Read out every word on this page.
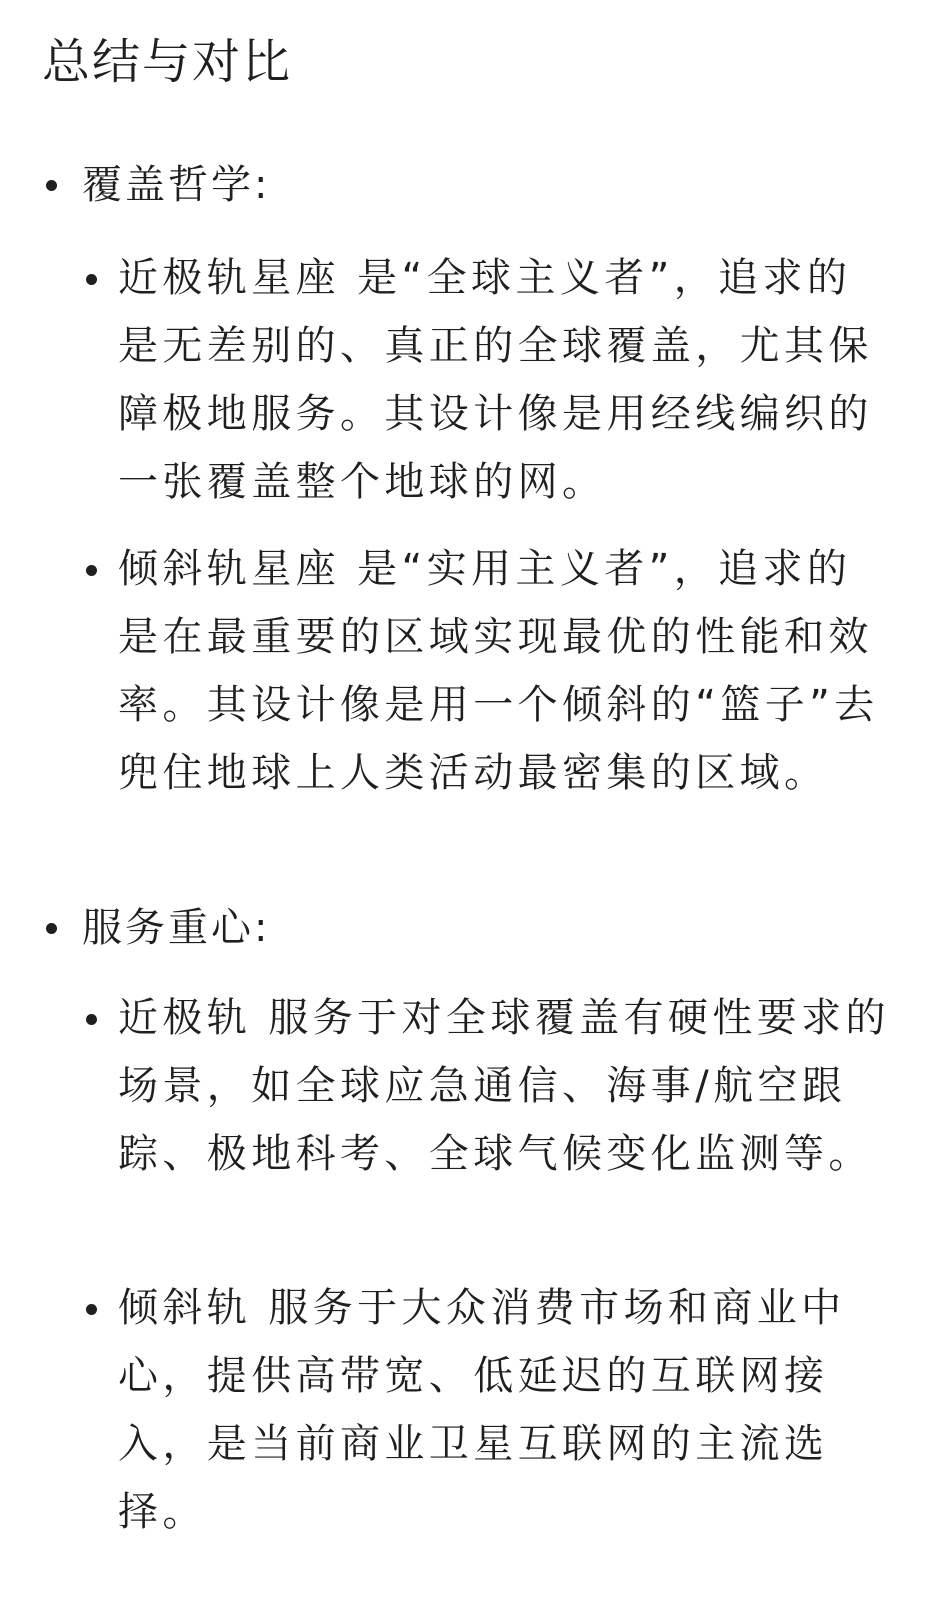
总结与对比
覆盖哲学:
近极轨星座 是“全球主义者”，追求的是无差别的、真正的全球覆盖，尤其保障极地服务。其设计像是用经线编织的一张覆盖整个地球的网。
倾斜轨星座 是“实用主义者”，追求的是在最重要的区域实现最优的性能和效率。其设计像是用一个倾斜的“篮子”去兜住地球上人类活动最密集的区域。
服务重心:
近极轨 服务于对全球覆盖有硬性要求的场景，如全球应急通信、海事/航空跟踪、极地科考、全球气候变化监测等。
倾斜轨 服务于大众消费市场和商业中心，提供高带宽、低延迟的互联网接入，是当前商业卫星互联网的主流选择。
